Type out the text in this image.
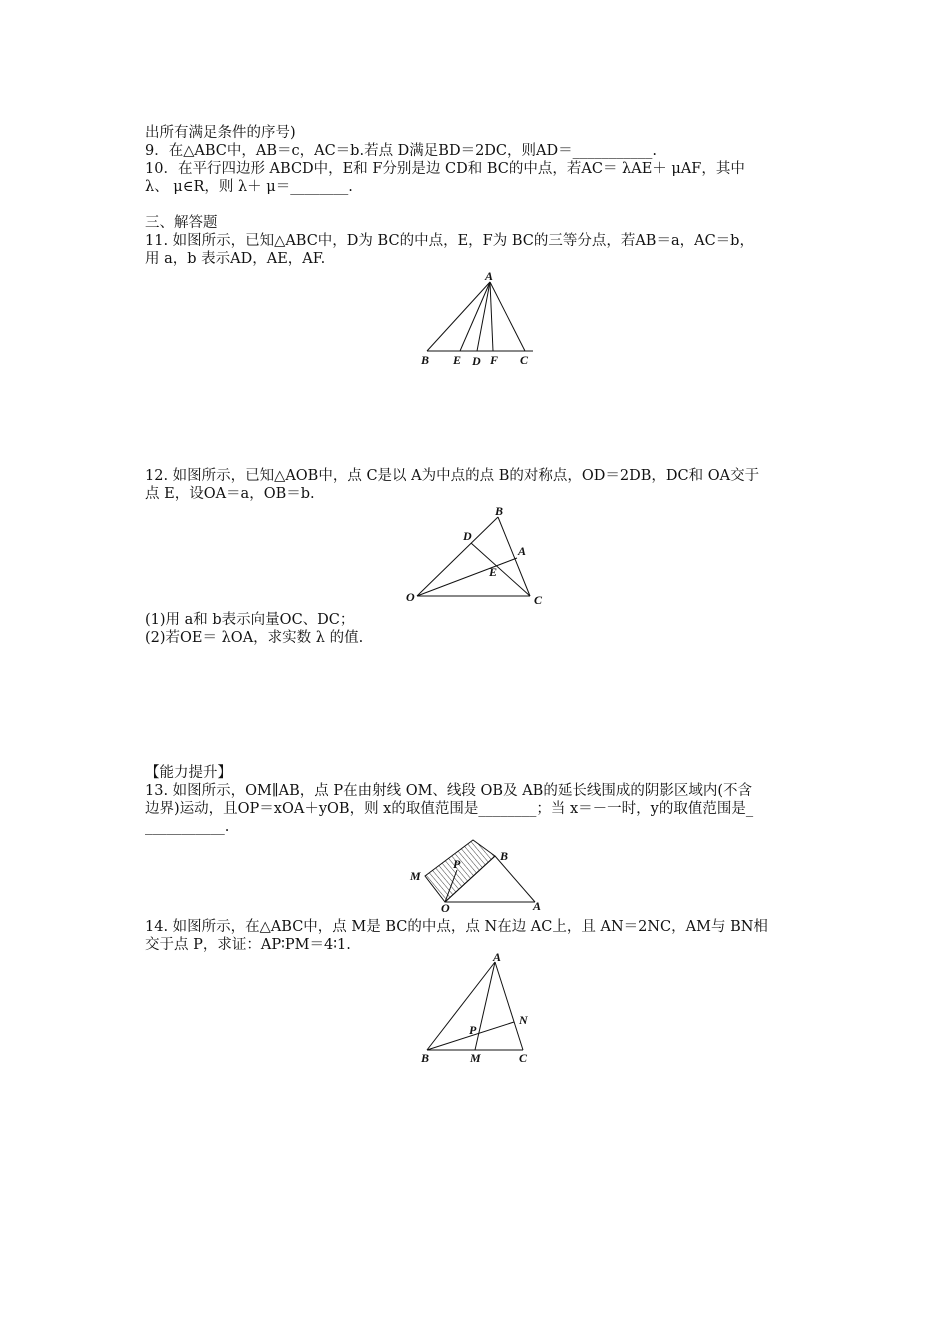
出所有满足条件的序号)
9．在△ABC中，AB＝c，AC＝b.若点 D满足BD＝2DC，则AD＝___________.
10．在平行四边形 ABCD中，E和 F分别是边 CD和 BC的中点，若AC＝ λAE＋ μAF，其中
λ、 μ∈R，则 λ＋ μ＝________.
三、解答题
11. 如图所示，已知△ABC中，D为 BC的中点，E，F为 BC的三等分点，若AB＝a，AC＝b，
用 a，b 表示AD，AE，AF.
A
B E D F C
12. 如图所示，已知△AOB中，点 C是以 A为中点的点 B的对称点，OD＝2DB，DC和 OA交于
点 E，设OA＝a，OB＝b.
B
D
A
E
O	C
(1)用 a和 b表示向量OC、DC；
(2)若OE＝ λOA，求实数 λ 的值.
【能力提升】
13. 如图所示，OM∥AB，点 P在由射线 OM、线段 OB及 AB的延长线围成的阴影区域内(不含
边界)运动，且OP＝xOA＋yOB，则 x的取值范围是________；当 x＝－一时，y的取值范围是_
___________.
P
B
M
O	A
14. 如图所示，在△ABC中，点 M是 BC的中点，点 N在边 AC上，且 AN＝2NC，AM与 BN相
交于点 P，求证：AP∶PM＝4∶1.
A
N
P
B	M	C
